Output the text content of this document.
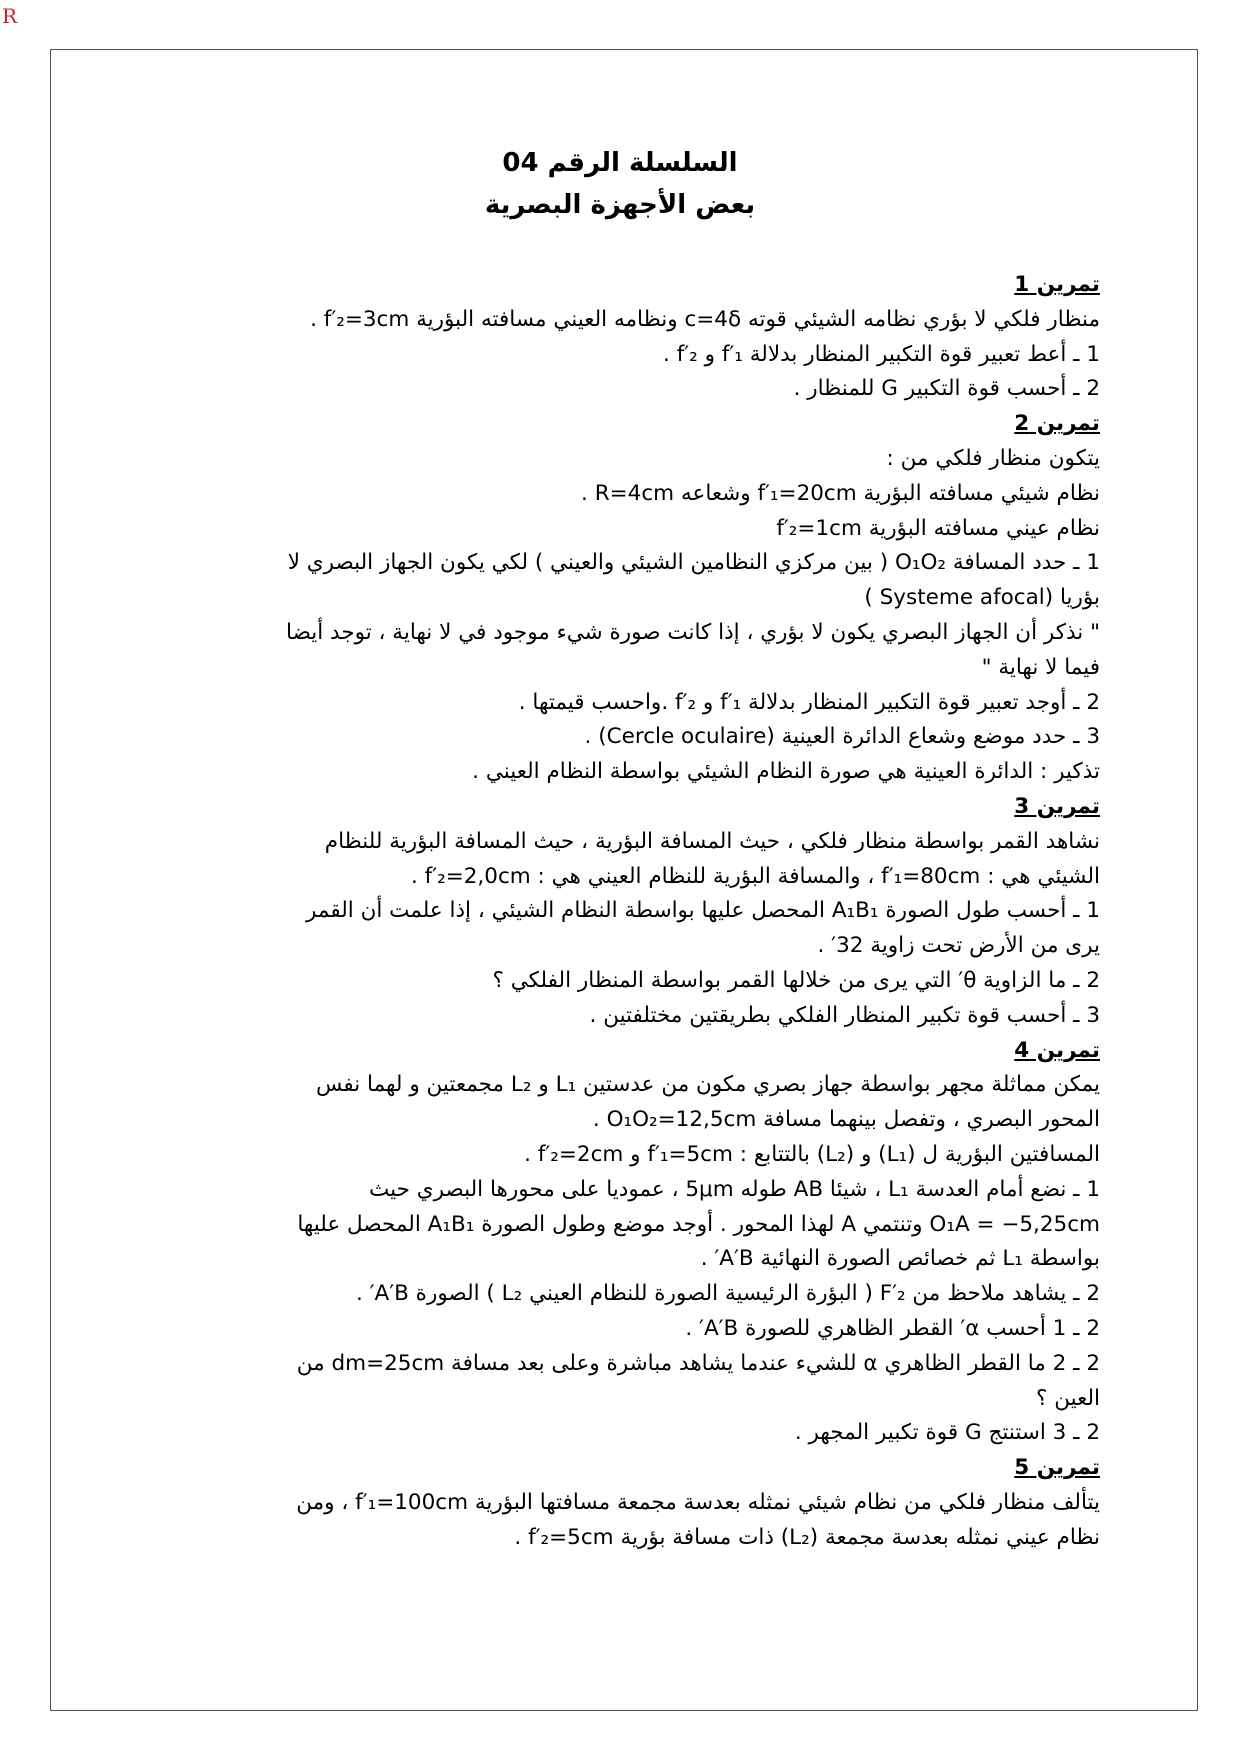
R
السلسلة الرقم 04
بعض الأجهزة البصرية

تمرين 1

منظار فلكي لا بؤري نظامه الشيئي قوته c=4δ ونظامه العيني مسافته البؤرية f′₂=3cm .

1 ـ أعط تعبير قوة التكبير المنظار بدلالة f′₁ و f′₂ .

2 ـ أحسب قوة التكبير G للمنظار .

تمرين 2

يتكون منظار فلكي من :

نظام شيئي مسافته البؤرية f′₁=20cm وشعاعه R=4cm .

نظام عيني مسافته البؤرية f′₂=1cm

1 ـ حدد المسافة O₁O₂ ( بين مركزي النظامين الشيئي والعيني ) لكي يكون الجهاز البصري لا

بؤريا (Systeme afocal )

" نذكر أن الجهاز البصري يكون لا بؤري ، إذا كانت صورة شيء موجود في لا نهاية ، توجد أيضا

فيما لا نهاية "

2 ـ أوجد تعبير قوة التكبير المنظار بدلالة f′₁ و f′₂ .واحسب قيمتها .

3 ـ حدد موضع وشعاع الدائرة العينية (Cercle oculaire) .

تذكير : الدائرة العينية هي صورة النظام الشيئي بواسطة النظام العيني .

تمرين 3

نشاهد القمر بواسطة منظار فلكي ، حيث المسافة البؤرية ، حيث المسافة البؤرية للنظام

الشيئي هي : f′₁=80cm ، والمسافة البؤرية للنظام العيني هي : f′₂=2,0cm .

1 ـ أحسب طول الصورة A₁B₁ المحصل عليها بواسطة النظام الشيئي ، إذا علمت أن القمر

يرى من الأرض تحت زاوية 32′ .

2 ـ ما الزاوية θ′ التي يرى من خلالها القمر بواسطة المنظار الفلكي ؟

3 ـ أحسب قوة تكبير المنظار الفلكي بطريقتين مختلفتين .

تمرين 4

يمكن مماثلة مجهر بواسطة جهاز بصري مكون من عدستين L₁ و L₂ مجمعتين و لهما نفس

المحور البصري ، وتفصل بينهما مسافة O₁O₂=12,5cm .

المسافتين البؤرية ل (L₁) و (L₂) بالتتابع : f′₁=5cm و f′₂=2cm .

1 ـ نضع أمام العدسة L₁ ، شيئا AB طوله 5μm ، عموديا على محورها البصري حيث

O₁A = −5,25cm وتنتمي A لهذا المحور . أوجد موضع وطول الصورة A₁B₁ المحصل عليها

بواسطة L₁ ثم خصائص الصورة النهائية A′B′ .

2 ـ يشاهد ملاحظ من F′₂ ( البؤرة الرئيسية الصورة للنظام العيني L₂ ) الصورة A′B′ .

2 ـ 1 أحسب α′ القطر الظاهري للصورة A′B′ .

2 ـ 2 ما القطر الظاهري α للشيء عندما يشاهد مباشرة وعلى بعد مسافة dm=25cm من

العين ؟

2 ـ 3 استنتج G قوة تكبير المجهر .

تمرين 5

يتألف منظار فلكي من نظام شيئي نمثله بعدسة مجمعة مسافتها البؤرية f′₁=100cm ، ومن

نظام عيني نمثله بعدسة مجمعة (L₂) ذات مسافة بؤرية f′₂=5cm .
